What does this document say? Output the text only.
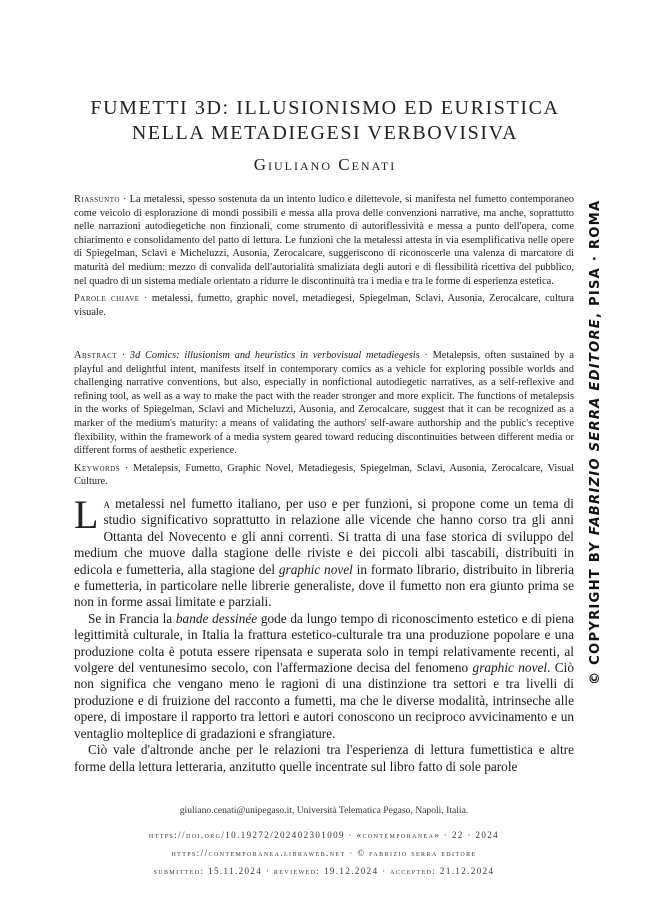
FUMETTI 3D: ILLUSIONISMO ED EURISTICA
NELLA METADIEGESI VERBOVISIVA
Giuliano Cenati
Riassunto · La metalessi, spesso sostenuta da un intento ludico e dilettevole, si manifesta nel fumetto contemporaneo come veicolo di esplorazione di mondi possibili e messa alla prova delle convenzioni narrative, ma anche, soprattutto nelle narrazioni autodiegetiche non finzionali, come strumento di autoriflessività e messa a punto dell'opera, come chiarimento e consolidamento del patto di lettura. Le funzioni che la metalessi attesta in via esemplificativa nelle opere di Spiegelman, Sclavi e Micheluzzi, Ausonia, Zerocalcare, suggeriscono di riconoscerle una valenza di marcatore di maturità del medium: mezzo di convalida dell'autorialità smaliziata degli autori e di flessibilità ricettiva del pubblico, nel quadro di un sistema mediale orientato a ridurre le discontinuità tra i media e tra le forme di esperienza estetica.
Parole chiave · metalessi, fumetto, graphic novel, metadiegesi, Spiegelman, Sclavi, Ausonia, Zerocalcare, cultura visuale.
Abstract · 3d Comics: illusionism and heuristics in verbovisual metadiegesis · Metalepsis, often sustained by a playful and delightful intent, manifests itself in contemporary comics as a vehicle for exploring possible worlds and challenging narrative conventions, but also, especially in nonfictional autodiegetic narratives, as a self-reflexive and refining tool, as well as a way to make the pact with the reader stronger and more explicit. The functions of metalepsis in the works of Spiegelman, Sclavi and Micheluzzi, Ausonia, and Zerocalcare, suggest that it can be recognized as a marker of the medium's maturity: a means of validating the authors' self-aware authorship and the public's receptive flexibility, within the framework of a media system geared toward reducing discontinuities between different media or different forms of aesthetic experience.
Keywords · Metalepsis, Fumetto, Graphic Novel, Metadiegesis, Spiegelman, Sclavi, Ausonia, Zerocalcare, Visual Culture.

La metalessi nel fumetto italiano, per uso e per funzioni, si propone come un tema di studio significativo soprattutto in relazione alle vicende che hanno corso tra gli anni Ottanta del Novecento e gli anni correnti. Si tratta di una fase storica di sviluppo del medium che muove dalla stagione delle riviste e dei piccoli albi tascabili, distribuiti in edicola e fumetteria, alla stagione del graphic novel in formato librario, distribuito in libreria e fumetteria, in particolare nelle librerie generaliste, dove il fumetto non era giunto prima se non in forme assai limitate e parziali.

Se in Francia la bande dessinée gode da lungo tempo di riconoscimento estetico e di piena legittimità culturale, in Italia la frattura estetico-culturale tra una produzione popolare e una produzione colta è potuta essere ripensata e superata solo in tempi relativamente recenti, al volgere del ventunesimo secolo, con l'affermazione decisa del fenomeno graphic novel. Ciò non significa che vengano meno le ragioni di una distinzione tra settori e tra livelli di produzione e di fruizione del racconto a fumetti, ma che le diverse modalità, intrinseche alle opere, di impostare il rapporto tra lettori e autori conoscono un reciproco avvicinamento e un ventaglio molteplice di gradazioni e sfrangiature.

Ciò vale d'altronde anche per le relazioni tra l'esperienza di lettura fumettistica e altre forme della lettura letteraria, anzitutto quelle incentrate sul libro fatto di sole parole

giuliano.cenati@unipegaso.it, Università Telematica Pegaso, Napoli, Italia.
https://doi.org/10.19272/202402301009 · «contemporanea» · 22 · 2024
https://contemporanea.libraweb.net · © fabrizio serra editore
submitted: 15.11.2024 · reviewed: 19.12.2024 · accepted: 21.12.2024
© COPYRIGHT BY FABRIZIO SERRA EDITORE, PISA · ROMA
